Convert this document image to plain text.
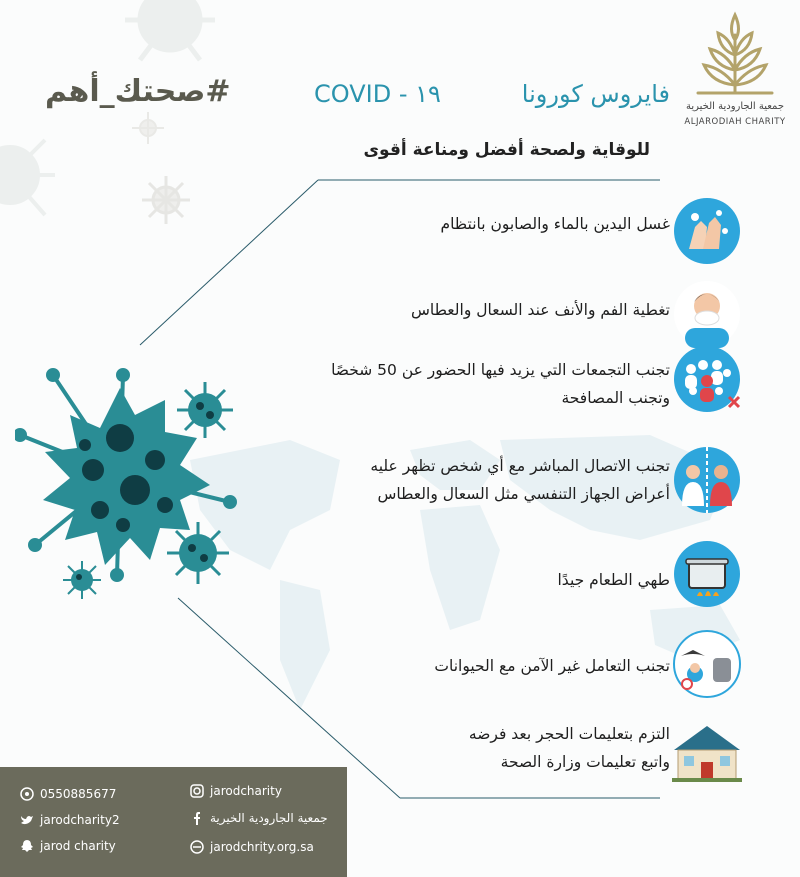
#صحتك_أهم	فايروس كورونا
COVID - ١٩	جمعية الجارودية الخيرية
ALJARODIAH CHARITY
للوقاية ولصحة أفضل ومناعة أقوى
غسل اليدين بالماء والصابون بانتظام
تغطية الفم والأنف عند السعال والعطاس
تجنب التجمعات التي يزيد فيها الحضور عن 50 شخصًا
وتجنب المصافحة
تجنب الاتصال المباشر مع أي شخص تظهر عليه
أعراض الجهاز التنفسي مثل السعال والعطاس
طهي الطعام جيدًا
تجنب التعامل غير الآمن مع الحيوانات
التزم بتعليمات الحجر بعد فرضه
واتبع تعليمات وزارة الصحة
0550885677
jarodcharity2
jarod charity
jarodcharity
جمعية الجارودية الخيرية
jarodchrity.org.sa
